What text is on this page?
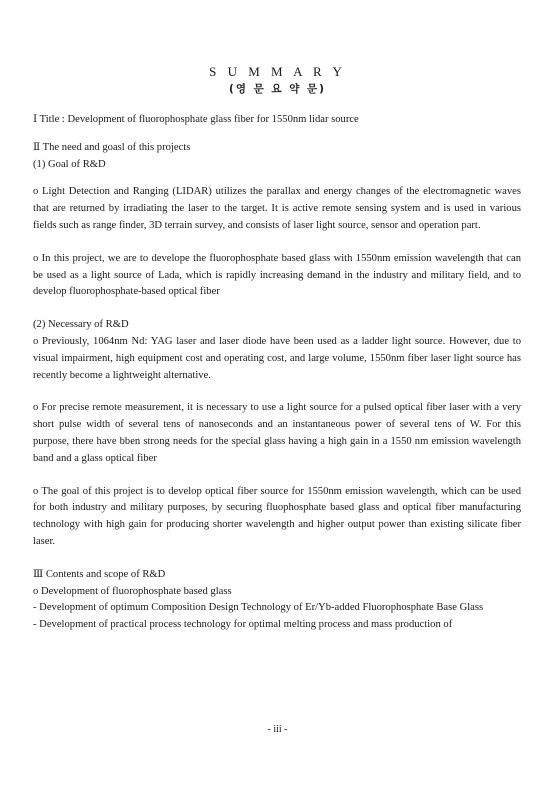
S U M M A R Y
(영 문 요 약 문)

Ⅰ Title : Development of fluorophosphate glass fiber for 1550nm lidar source

Ⅱ The need and goasl of this projects

(1) Goal of R&D

o Light Detection and Ranging (LIDAR) utilizes the parallax and energy changes of the electromagnetic waves that are returned by irradiating the laser to the target. It is active remote sensing system and is used in various fields such as range finder, 3D terrain survey, and consists of laser light source, sensor and operation part.

o In this project, we are to develope the fluorophosphate based glass with 1550nm emission wavelength that can be used as a light source of Lada, which is rapidly increasing demand in the industry and military field, and to develop fluorophosphate-based optical fiber

(2) Necessary of R&D

o Previously, 1064nm Nd: YAG laser and laser diode have been used as a ladder light source. However, due to visual impairment, high equipment cost and operating cost, and large volume, 1550nm fiber laser light source has recently become a lightweight alternative.

o For precise remote measurement, it is necessary to use a light source for a pulsed optical fiber laser with a very short pulse width of several tens of nanoseconds and an instantaneous power of several tens of W. For this purpose, there have bben strong needs for the special glass having a high gain in a 1550 nm emission wavelength band and a glass optical fiber

o The goal of this project is to develop optical fiber source for 1550nm emission wavelength, which can be used for both industry and military purposes, by securing fluophosphate based glass and optical fiber manufacturing technology with high gain for producing shorter wavelength and higher output power than existing silicate fiber laser.

Ⅲ Contents and scope of R&D

o Development of fluorophosphate based glass

- Development of optimum Composition Design Technology of Er/Yb-added Fluorophosphate Base Glass

- Development of practical process technology for optimal melting process and mass production of

- iii -
